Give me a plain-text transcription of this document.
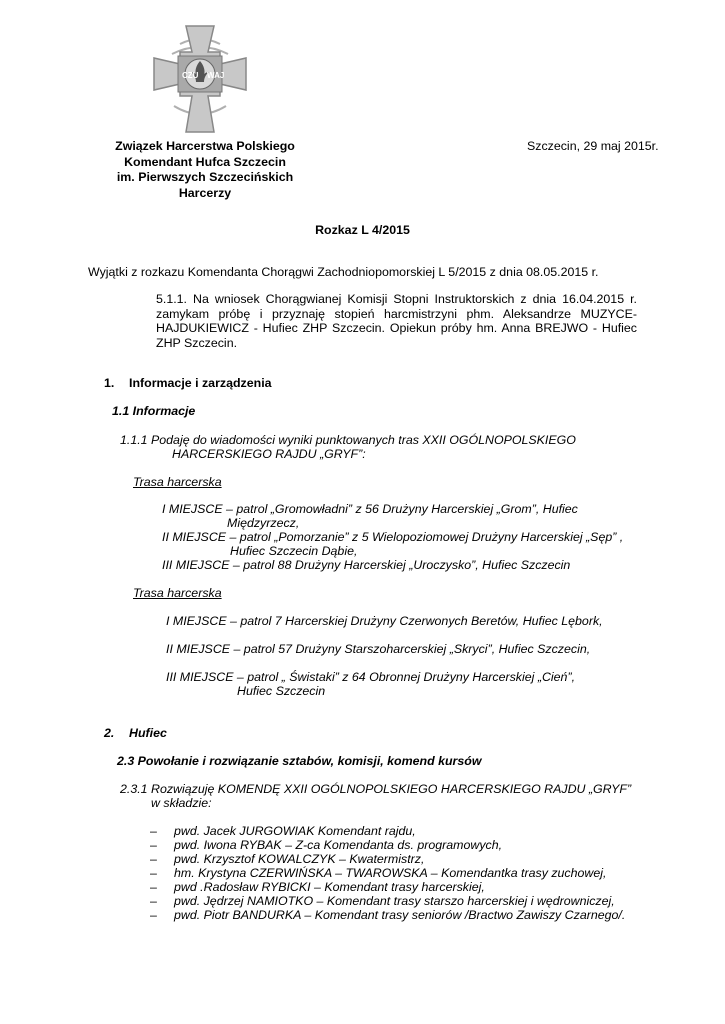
CZU WAJ
Związek Harcerstwa Polskiego
Komendant Hufca Szczecin
im. Pierwszych Szczecińskich
Harcerzy
Szczecin, 29 maj 2015r.
Rozkaz L 4/2015
Wyjątki z rozkazu Komendanta Chorągwi Zachodniopomorskiej L 5/2015 z dnia 08.05.2015 r.
5.1.1. Na wniosek Chorągwianej Komisji Stopni Instruktorskich z dnia 16.04.2015 r. zamykam próbę i przyznaję stopień harcmistrzyni phm. Aleksandrze MUZYCE-HAJDUKIEWICZ - Hufiec ZHP Szczecin. Opiekun próby hm. Anna BREJWO - Hufiec ZHP Szczecin.
1. Informacje i zarządzenia
1.1 Informacje
1.1.1 Podaję do wiadomości wyniki punktowanych tras XXII OGÓLNOPOLSKIEGO
HARCERSKIEGO RAJDU „GRYF”:
Trasa harcerska
I MIEJSCE – patrol „Gromowładni” z 56 Drużyny Harcerskiej „Grom”, Hufiec
Międzyrzecz,
II MIEJSCE – patrol „Pomorzanie” z 5 Wielopoziomowej Drużyny Harcerskiej „Sęp” ,
Hufiec Szczecin Dąbie,
III MIEJSCE – patrol 88 Drużyny Harcerskiej „Uroczysko”, Hufiec Szczecin
Trasa harcerska
I MIEJSCE – patrol 7 Harcerskiej Drużyny Czerwonych Beretów, Hufiec Lębork,
II MIEJSCE – patrol 57 Drużyny Starszoharcerskiej „Skryci”, Hufiec Szczecin,
III MIEJSCE – patrol „ Świstaki” z 64 Obronnej Drużyny Harcerskiej „Cień”,
Hufiec Szczecin
2. Hufiec
2.3 Powołanie i rozwiązanie sztabów, komisji, komend kursów
2.3.1 Rozwiązuję KOMENDĘ XXII OGÓLNOPOLSKIEGO HARCERSKIEGO RAJDU „GRYF”
w składzie:
– pwd. Jacek JURGOWIAK Komendant rajdu,
– pwd. Iwona RYBAK – Z-ca Komendanta ds. programowych,
– pwd. Krzysztof KOWALCZYK – Kwatermistrz,
– hm. Krystyna CZERWIŃSKA – TWAROWSKA – Komendantka trasy zuchowej,
– pwd .Radosław RYBICKI – Komendant trasy harcerskiej,
– pwd. Jędrzej NAMIOTKO – Komendant trasy starszo harcerskiej i wędrowniczej,
– pwd. Piotr BANDURKA – Komendant trasy seniorów /Bractwo Zawiszy Czarnego/.
